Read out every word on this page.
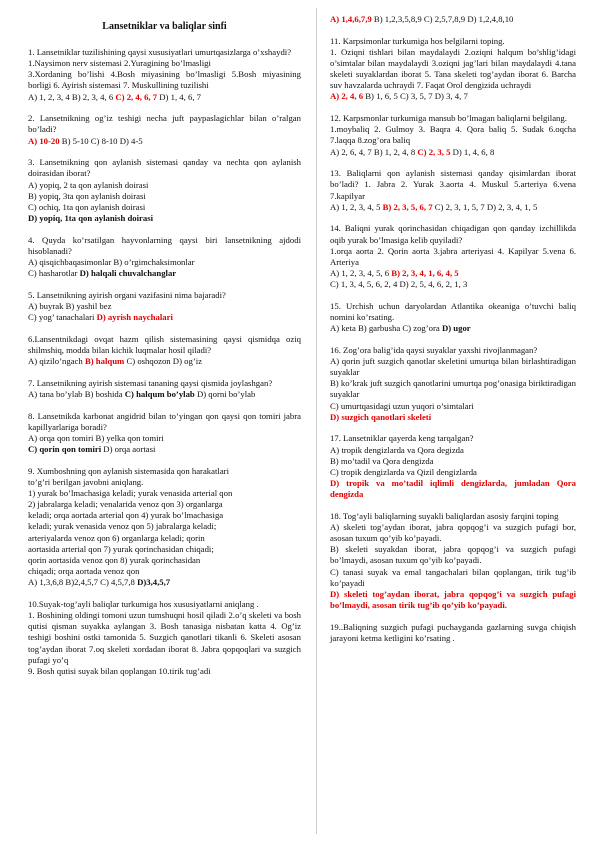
Lansetniklar va baliqlar sinfi

1. Lansetniklar tuzilishining qaysi xususiyatlari umurtqasizlarga o’xshaydi?

1.Naysimon nerv sistemasi 2.Yuragining bo’lmasligi

3.Xordaning bo’lishi 4.Bosh miyasining bo’lmasligi 5.Bosh miyasining borligi 6. Ayirish sistemasi 7. Muskullining tuzilishi

A) 1, 2, 3, 4 B) 2, 3, 4, 6 C) 2, 4, 6, 7 D) 1, 4, 6, 7

2. Lansetnikning og’iz teshigi necha juft paypaslagichlar bilan o’ralgan bo’ladi?

A) 10-20 B) 5-10 C) 8-10 D) 4-5

3. Lansetnikning qon aylanish sistemasi qanday va nechta qon aylanish doirasidan iborat?

A) yopiq, 2 ta qon aylanish doirasi

B) yopiq, 3ta qon aylanish doirasi

C) ochiq, 1ta qon aylanish doirasi

D) yopiq, 1ta qon aylanish doirasi

4. Quyda ko’rsatilgan hayvonlarning qaysi biri lansetnikning ajdodi hisoblanadi?

A) qisqichbaqasimonlar B) o’rgimchaksimonlar

C) hasharotlar D) halqali chuvalchanglar

5. Lansetnikning ayirish organi vazifasini nima bajaradi?

A) buyrak B) yashil bez

C) yog’ tanachalari D) ayrish naychalari

6.Lansentnikdagi ovqat hazm qilish sistemasining qaysi qismidqa oziq shilmshiq, modda bilan kichik luqmalar hosil qiladi?

A) qizilo’ngach B) halqum C) oshqozon D) og’iz

7. Lansetnikning ayirish sistemasi tananing qaysi qismida joylashgan?

A) tana bo’ylab B) boshida C) halqum bo’ylab D) qorni bo’ylab

8. Lansetnikda karbonat angidrid bilan to’yingan qon qaysi qon tomiri jabra kapillyarlariga boradi?

A) orqa qon tomiri B) yelka qon tomiri

C) qorin qon tomiri D) orqa aortasi

9. Xumboshning qon aylanish sistemasida qon harakatlari

to’g’ri berilgan javobni aniqlang.

1) yurak bo’lmachasiga keladi; yurak venasida arterial qon

2) jabralarga keladi; venalarida venoz qon 3) organlarga

keladi; orqa aortada arterial qon 4) yurak bo’lmachasiga

keladi; yurak venasida venoz qon 5) jabralarga keladi;

arteriyalarda venoz qon 6) organlarga keladi; qorin

aortasida arterial qon 7) yurak qorinchasidan chiqadi;

qorin aortasida venoz qon 8) yurak qorinchasidan

chiqadi; orqa aortada venoz qon

A) 1,3,6,8 B)2,4,5,7 C) 4,5,7,8 D)3,4,5,7

10.Suyak-tog’ayli baliqlar turkumiga hos xususiyatlarni aniqlang .

1. Boshining oldingi tomoni uzun tumshuqni hosil qiladi 2.o’q skeleti va bosh qutisi qisman suyakka aylangan 3. Bosh tanasiga nisbatan katta 4. Og’iz teshigi boshini ostki tamonida 5. Suzgich qanotlari tikanli 6. Skeleti asosan tog’aydan iborat 7.oq skeleti xordadan iborat 8. Jabra qopqoqlari va suzgich pufagi yo’q

9. Bosh qutisi suyak bilan qoplangan 10.tirik tug’adi

A) 1,4,6,7,9 B) 1,2,3,5,8,9 C) 2,5,7,8,9 D) 1,2,4,8,10

11. Karpsimonlar turkumiga hos belgilarni toping.

1. Oziqni tishlari bilan maydalaydi 2.oziqni halqum bo’shlig’idagi o’simtalar bilan maydalaydi 3.oziqni jag’lari bilan maydalaydi 4.tana skeleti suyaklardan iborat 5. Tana skeleti tog’aydan iborat 6. Barcha suv havzalarda uchraydi 7. Faqat Orol dengizida uchraydi

A) 2, 4, 6 B) 1, 6, 5 C) 3, 5, 7 D) 3, 4, 7

12. Karpsmonlar turkumiga mansub bo’lmagan baliqlarni belgilang.

1.moybaliq 2. Gulmoy 3. Baqra 4. Qora baliq 5. Sudak 6.oqcha 7.laqqa 8.zog’ora baliq

A) 2, 6, 4, 7 B) 1, 2, 4, 8 C) 2, 3, 5 D) 1, 4, 6, 8

13. Baliqlarni qon aylanish sistemasi qanday qisimlardan iborat bo’ladi? 1. Jabra 2. Yurak 3.aorta 4. Muskul 5.arteriya 6.vena 7.kapilyar

A) 1, 2, 3, 4, 5 B) 2, 3, 5, 6, 7 C) 2, 3, 1, 5, 7 D) 2, 3, 4, 1, 5

14. Baliqni yurak qorinchasidan chiqadigan qon qanday izchillikda oqib yurak bo’lmasiga kelib quyiladi?

1.orqa aorta 2. Qorin aorta 3.jabra arteriyasi 4. Kapilyar 5.vena 6. Arteriya

A) 1, 2, 3, 4, 5, 6 B) 2, 3, 4, 1, 6, 4, 5

C) 1, 3, 4, 5, 6, 2, 4 D) 2, 5, 4, 6, 2, 1, 3

15. Urchish uchun daryolardan Atlantika okeaniga o’tuvchi baliq nomini ko’rsating.

A) keta B) garbusha C) zog’ora D) ugor

16. Zog’ora balig’ida qaysi suyaklar yaxshi rivojlanmagan?

A) qorin juft suzgich qanotlar skeletini umurtqa bilan birlashtiradigan suyaklar

B) ko’krak juft suzgich qanotlarini umurtqa pog’onasiga biriktiradigan suyaklar

C) umurtqasidagi uzun yuqori o’simtalari

D) suzgich qanotlari skeleti

17. Lansetniklar qayerda keng tarqalgan?

A) tropik dengizlarda va Qora degizda

B) mo’tadil va Qora dengizda

C) tropik dengizlarda va Qizil dengizlarda

D) tropik va mo’tadil iqlimli dengizlarda, jumladan Qora dengizda

18. Tog’ayli baliqlarning suyakli baliqlardan asosiy farqini toping

A) skeleti tog’aydan iborat, jabra qopqog’i va suzgich pufagi bor, asosan tuxum qo’yib ko’payadi.

B) skeleti suyakdan iborat, jabra qopqog’i va suzgich pufagi bo’lmaydi, asosan tuxum qo’yib ko’payadi.

C) tanasi suyak va emal tangachalari bilan qoplangan, tirik tug’ib ko’payadi

D) skeleti tog’aydan iborat, jabra qopqog’i va suzgich pufagi bo’lmaydi, asosan tirik tug’ib qo’yib ko’payadi.

19..Baliqning suzgich pufagi puchayganda gazlarning suvga chiqish jarayoni ketma ketligini ko’rsating .
